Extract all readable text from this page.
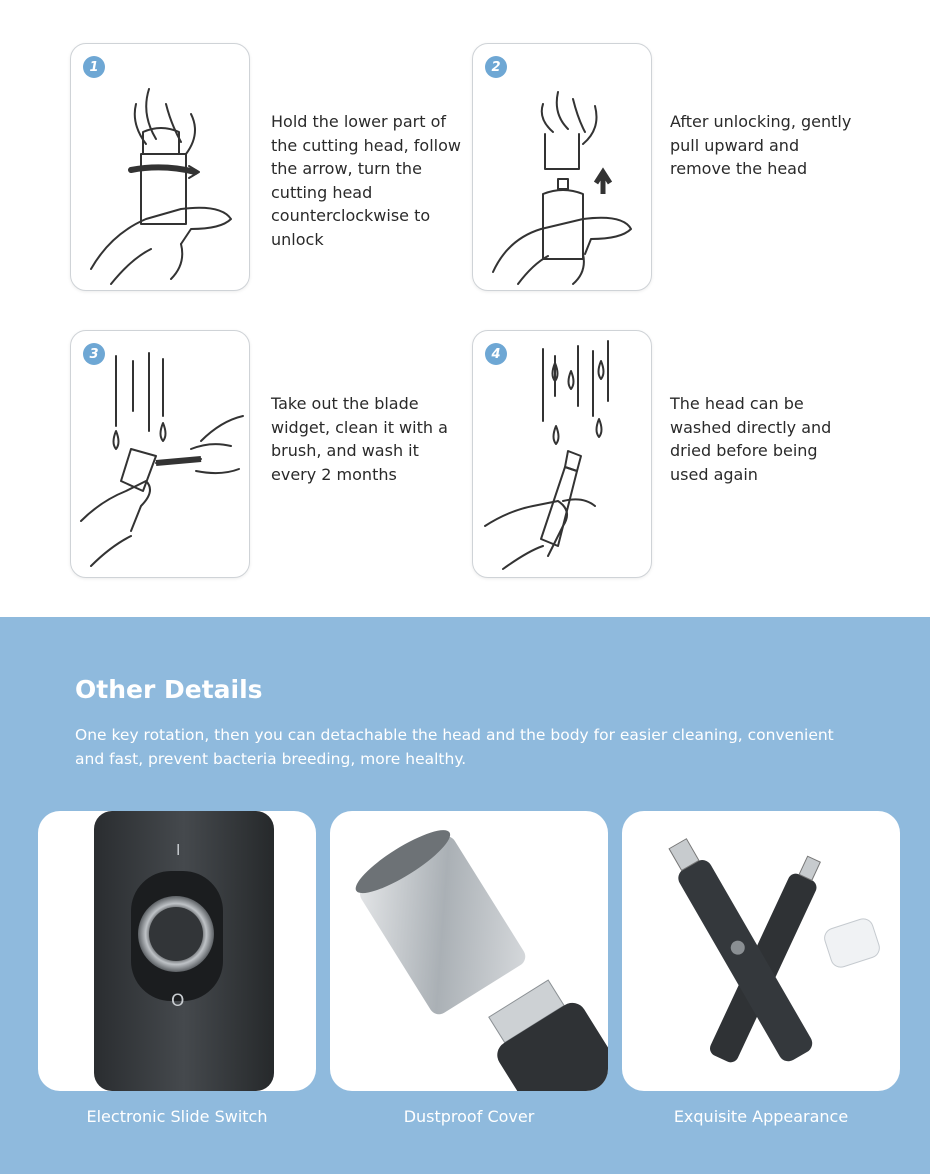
1
Hold the lower part of the cutting head, follow the arrow, turn the cutting head counterclockwise to unlock
2
After unlocking, gently pull upward and remove the head
3
Take out the blade widget, clean it with a brush, and wash it every 2 months
4
The head can be washed directly and dried before being used again
Other Details
One key rotation, then you can detachable the head and the body for easier cleaning, convenient and fast, prevent bacteria breeding, more healthy.
I
O
Electronic Slide Switch	Dustproof Cover	Exquisite Appearance
